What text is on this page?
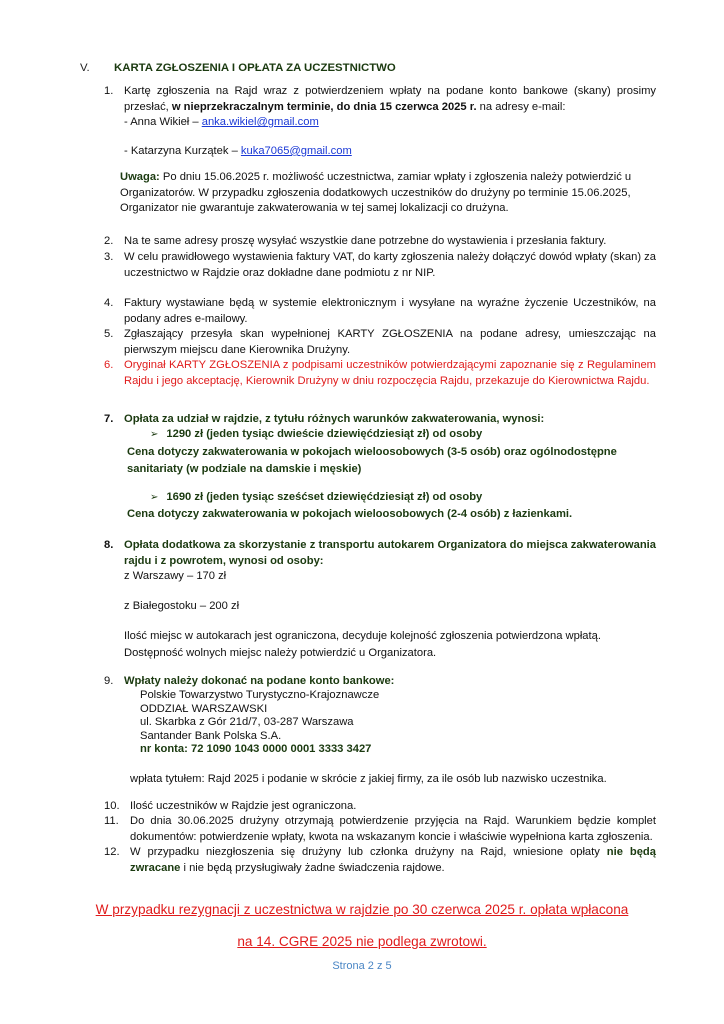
V. KARTA ZGŁOSZENIA I OPŁATA ZA UCZESTNICTWO
1. Kartę zgłoszenia na Rajd wraz z potwierdzeniem wpłaty na podane konto bankowe (skany) prosimy przesłać, w nieprzekraczalnym terminie, do dnia 15 czerwca 2025 r. na adresy e-mail:
- Anna Wikieł – anka.wikiel@gmail.com
- Katarzyna Kurzątek – kuka7065@gmail.com
Uwaga: Po dniu 15.06.2025 r. możliwość uczestnictwa, zamiar wpłaty i zgłoszenia należy potwierdzić u Organizatorów. W przypadku zgłoszenia dodatkowych uczestników do drużyny po terminie 15.06.2025, Organizator nie gwarantuje zakwaterowania w tej samej lokalizacji co drużyna.
2. Na te same adresy proszę wysyłać wszystkie dane potrzebne do wystawienia i przesłania faktury.
3. W celu prawidłowego wystawienia faktury VAT, do karty zgłoszenia należy dołączyć dowód wpłaty (skan) za uczestnictwo w Rajdzie oraz dokładne dane podmiotu z nr NIP.
4. Faktury wystawiane będą w systemie elektronicznym i wysyłane na wyraźne życzenie Uczestników, na podany adres e-mailowy.
5. Zgłaszający przesyła skan wypełnionej KARTY ZGŁOSZENIA na podane adresy, umieszczając na pierwszym miejscu dane Kierownika Drużyny.
6. Oryginał KARTY ZGŁOSZENIA z podpisami uczestników potwierdzającymi zapoznanie się z Regulaminem Rajdu i jego akceptację, Kierownik Drużyny w dniu rozpoczęcia Rajdu, przekazuje do Kierownictwa Rajdu.
7. Opłata za udział w rajdzie, z tytułu różnych warunków zakwaterowania, wynosi:
➢ 1290 zł (jeden tysiąc dwieście dziewięćdziesiąt zł) od osoby
Cena dotyczy zakwaterowania w pokojach wieloosobowych (3-5 osób) oraz ogólnodostępne sanitariaty (w podziale na damskie i męskie)
➢ 1690 zł (jeden tysiąc sześćset dziewięćdziesiąt zł) od osoby
Cena dotyczy zakwaterowania w pokojach wieloosobowych (2-4 osób) z łazienkami.
8. Opłata dodatkowa za skorzystanie z transportu autokarem Organizatora do miejsca zakwaterowania rajdu i z powrotem, wynosi od osoby:
z Warszawy – 170 zł
z Białegostoku – 200 zł
Ilość miejsc w autokarach jest ograniczona, decyduje kolejność zgłoszenia potwierdzona wpłatą. Dostępność wolnych miejsc należy potwierdzić u Organizatora.
9. Wpłaty należy dokonać na podane konto bankowe:
Polskie Towarzystwo Turystyczno-Krajoznawcze
ODDZIAŁ WARSZAWSKI
ul. Skarbka z Gór 21d/7, 03-287 Warszawa
Santander Bank Polska S.A.
nr konta: 72 1090 1043 0000 0001 3333 3427
wpłata tytułem: Rajd 2025 i podanie w skrócie z jakiej firmy, za ile osób lub nazwisko uczestnika.
10. Ilość uczestników w Rajdzie jest ograniczona.
11. Do dnia 30.06.2025 drużyny otrzymają potwierdzenie przyjęcia na Rajd. Warunkiem będzie komplet dokumentów: potwierdzenie wpłaty, kwota na wskazanym koncie i właściwie wypełniona karta zgłoszenia.
12. W przypadku niezgłoszenia się drużyny lub członka drużyny na Rajd, wniesione opłaty nie będą zwracane i nie będą przysługiwały żadne świadczenia rajdowe.
W przypadku rezygnacji z uczestnictwa w rajdzie po 30 czerwca 2025 r. opłata wpłacona
na 14. CGRE 2025 nie podlega zwrotowi.
Strona 2 z 5
